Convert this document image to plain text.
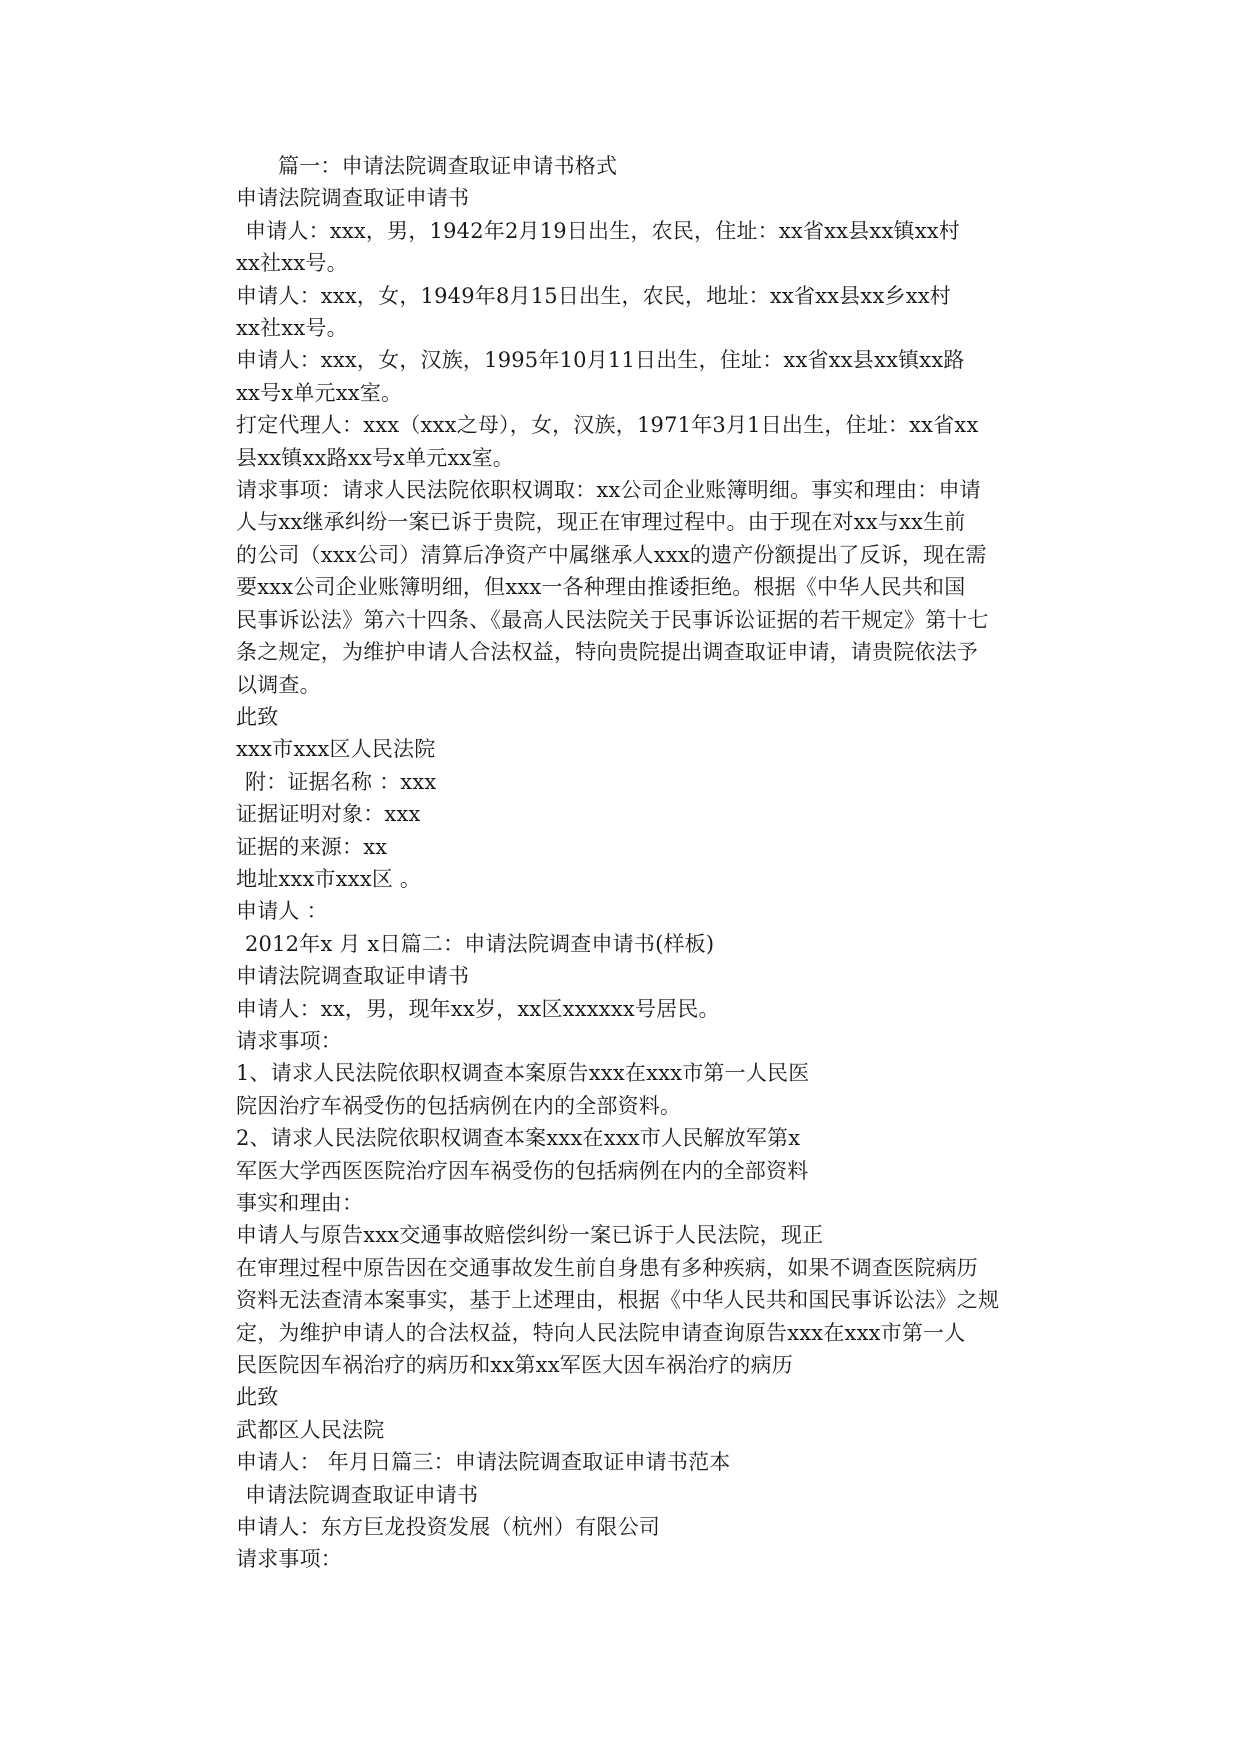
篇一：申请法院调查取证申请书格式
申请法院调查取证申请书
申请人：xxx，男，1942年2月19日出生，农民，住址：xx省xx县xx镇xx村
xx社xx号。
申请人：xxx，女，1949年8月15日出生，农民，地址：xx省xx县xx乡xx村
xx社xx号。
申请人：xxx，女，汉族，1995年10月11日出生，住址：xx省xx县xx镇xx路
xx号x单元xx室。
打定代理人：xxx（xxx之母），女，汉族，1971年3月1日出生，住址：xx省xx
县xx镇xx路xx号x单元xx室。
请求事项：请求人民法院依职权调取：xx公司企业账簿明细。事实和理由：申请
人与xx继承纠纷一案已诉于贵院，现正在审理过程中。由于现在对xx与xx生前
的公司（xxx公司）清算后净资产中属继承人xxx的遗产份额提出了反诉，现在需
要xxx公司企业账簿明细，但xxx一各种理由推诿拒绝。根据《中华人民共和国
民事诉讼法》第六十四条、《最高人民法院关于民事诉讼证据的若干规定》第十七
条之规定，为维护申请人合法权益，特向贵院提出调查取证申请，请贵院依法予
以调查。
此致
xxx市xxx区人民法院
附：证据名称 ：xxx
证据证明对象：xxx
证据的来源：xx
地址xxx市xxx区 。
申请人 ：
2012年x 月 x日篇二：申请法院调查申请书(样板)
申请法院调查取证申请书
申请人：xx，男，现年xx岁，xx区xxxxxx号居民。
请求事项：
1、请求人民法院依职权调查本案原告xxx在xxx市第一人民医
院因治疗车祸受伤的包括病例在内的全部资料。
2、请求人民法院依职权调查本案xxx在xxx市人民解放军第x
军医大学西医医院治疗因车祸受伤的包括病例在内的全部资料
事实和理由：
申请人与原告xxx交通事故赔偿纠纷一案已诉于人民法院，现正
在审理过程中原告因在交通事故发生前自身患有多种疾病，如果不调查医院病历
资料无法查清本案事实，基于上述理由，根据《中华人民共和国民事诉讼法》之规
定，为维护申请人的合法权益，特向人民法院申请查询原告xxx在xxx市第一人
民医院因车祸治疗的病历和xx第xx军医大因车祸治疗的病历
此致
武都区人民法院
申请人： 年月日篇三：申请法院调查取证申请书范本
申请法院调查取证申请书
申请人：东方巨龙投资发展（杭州）有限公司
请求事项：
